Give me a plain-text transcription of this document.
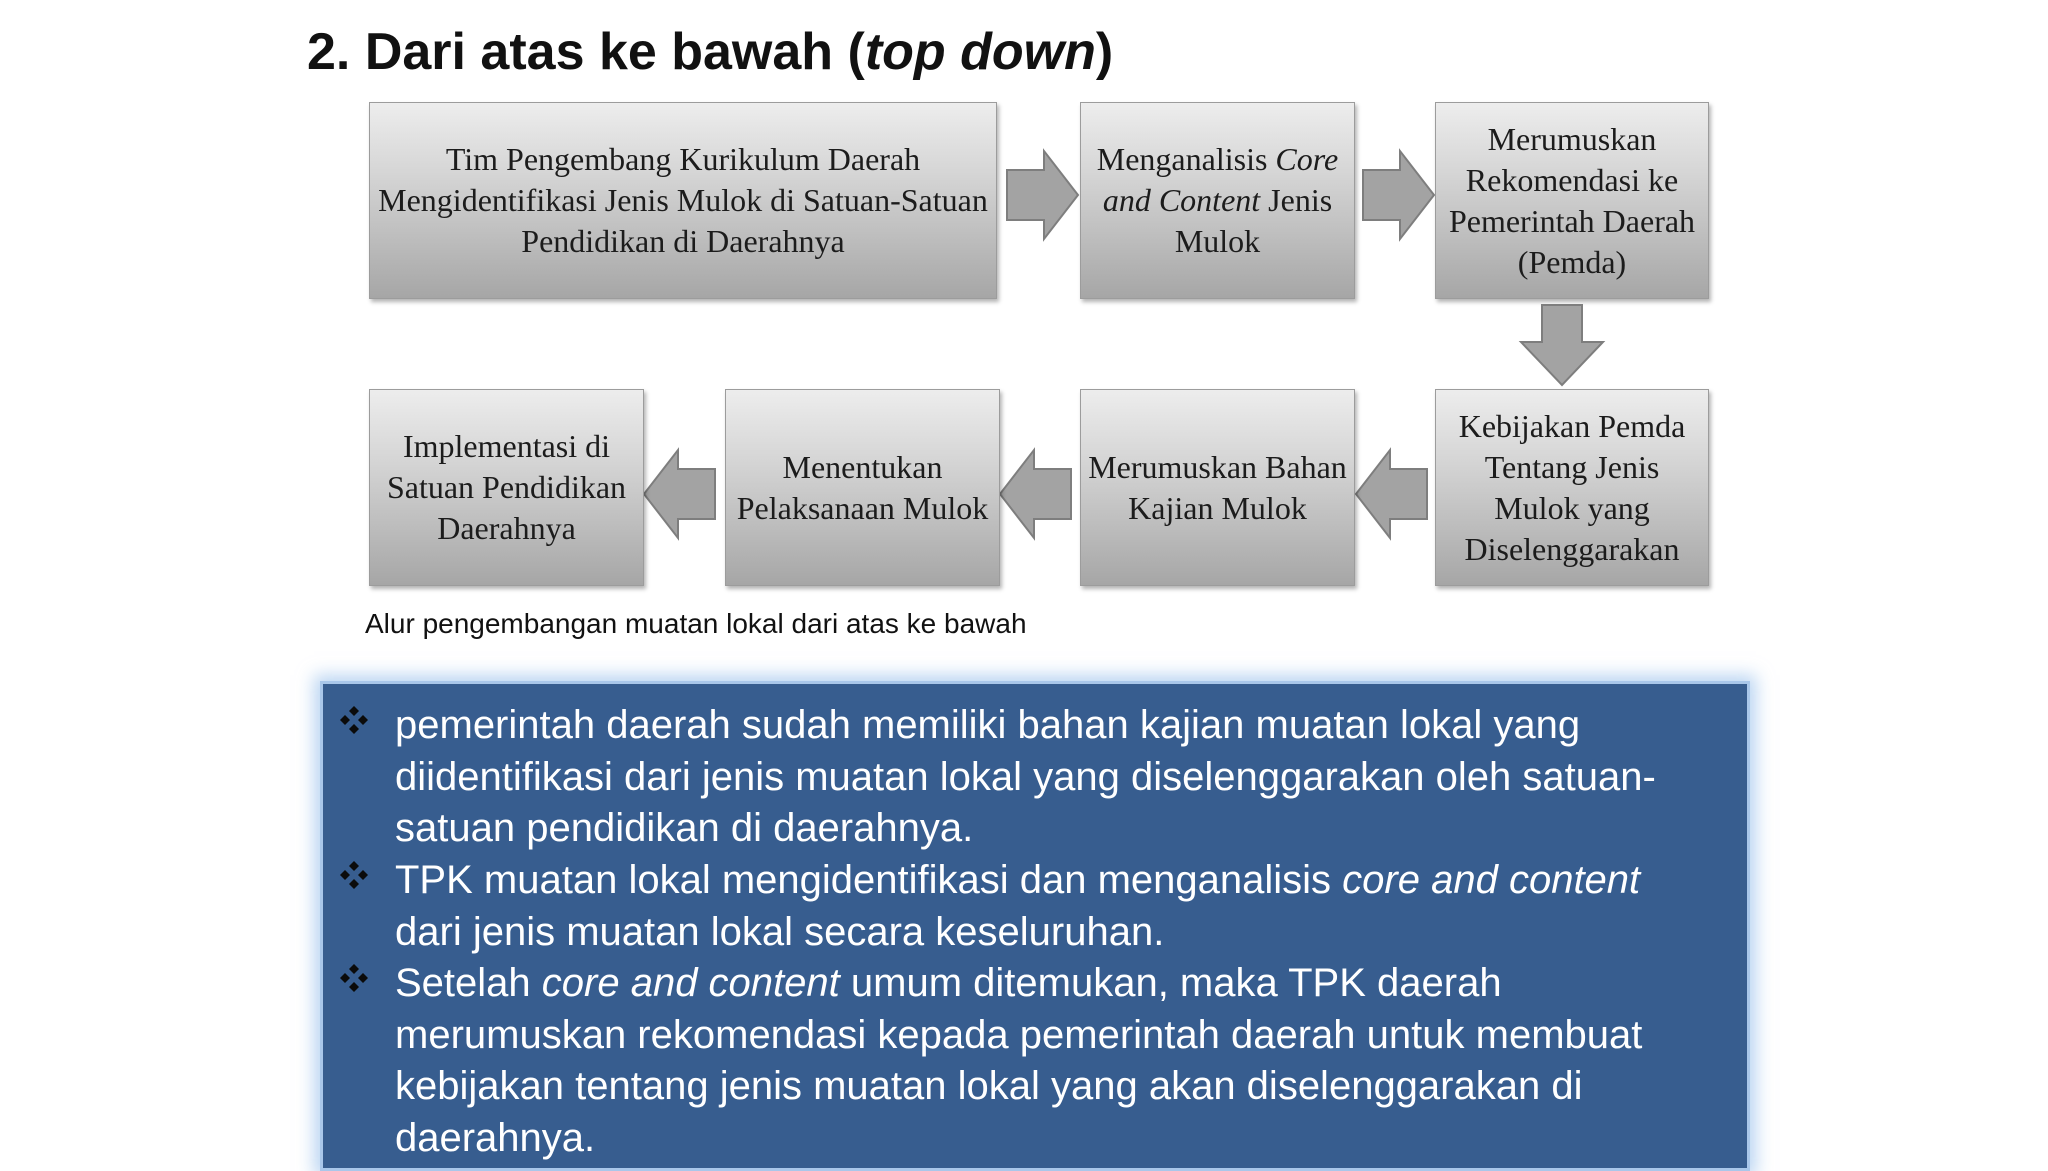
2. Dari atas ke bawah (top down)
Tim Pengembang Kurikulum Daerah Mengidentifikasi Jenis Mulok di Satuan-Satuan Pendidikan di Daerahnya
Menganalisis Core and Content Jenis Mulok
Merumuskan Rekomendasi ke Pemerintah Daerah (Pemda)
Kebijakan Pemda Tentang Jenis Mulok yang Diselenggarakan
Merumuskan Bahan Kajian Mulok
Menentukan Pelaksanaan Mulok
Implementasi di Satuan Pendidikan Daerahnya
Alur pengembangan muatan lokal dari atas ke bawah
pemerintah daerah sudah memiliki bahan kajian muatan lokal yang diidentifikasi dari jenis muatan lokal yang diselenggarakan oleh satuan-satuan pendidikan di daerahnya.
TPK muatan lokal mengidentifikasi dan menganalisis core and content dari jenis muatan lokal secara keseluruhan.
Setelah core and content umum ditemukan, maka TPK daerah merumuskan rekomendasi kepada pemerintah daerah untuk membuat kebijakan tentang jenis muatan lokal yang akan diselenggarakan di daerahnya.
